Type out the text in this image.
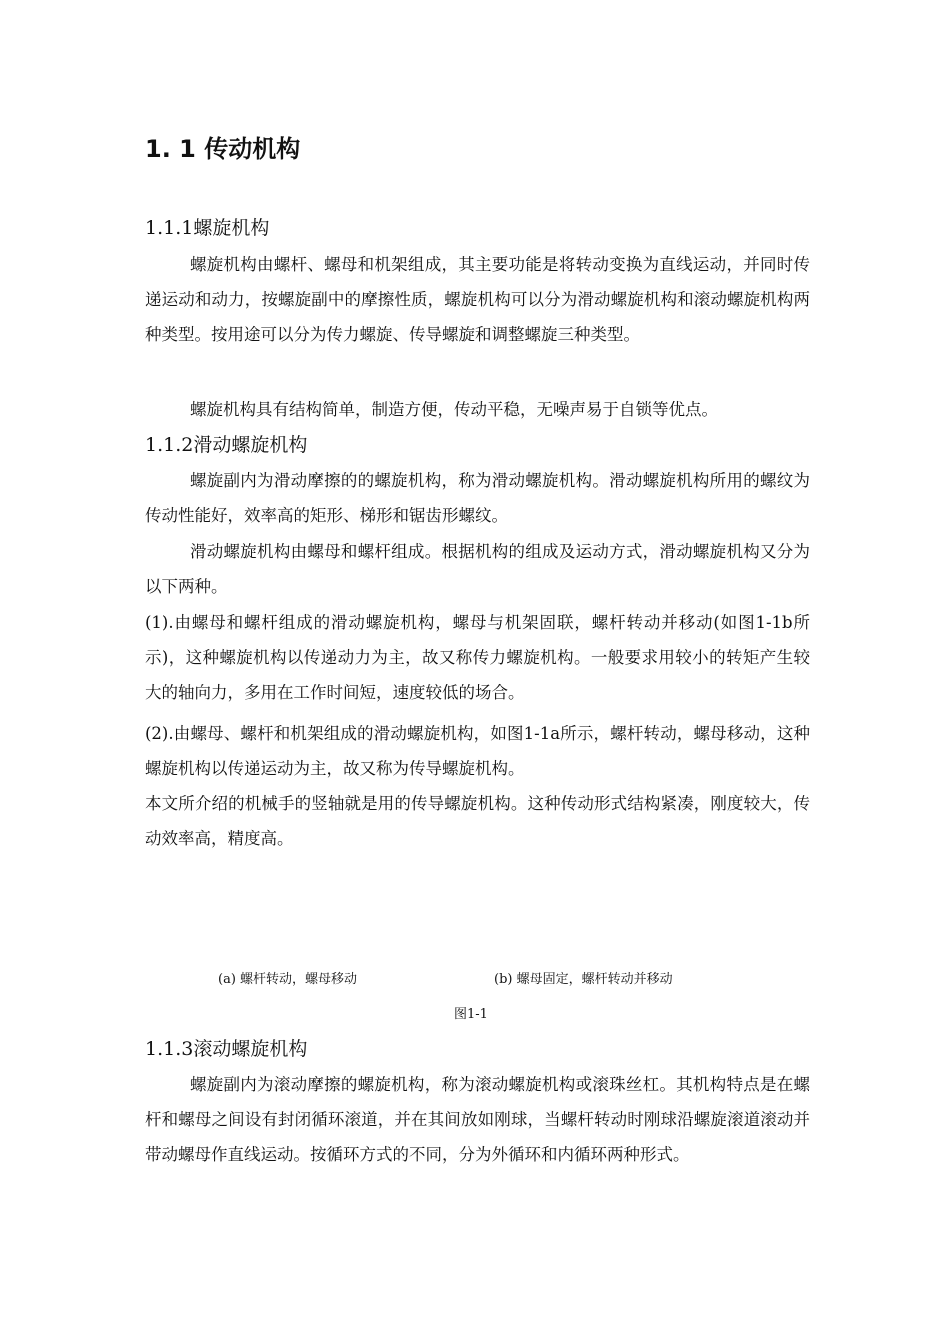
1. 1 传动机构
1.1.1螺旋机构

螺旋机构由螺杆、螺母和机架组成，其主要功能是将转动变换为直线运动，并同时传递运动和动力，按螺旋副中的摩擦性质，螺旋机构可以分为滑动螺旋机构和滚动螺旋机构两种类型。按用途可以分为传力螺旋、传导螺旋和调整螺旋三种类型。

螺旋机构具有结构简单，制造方便，传动平稳，无噪声易于自锁等优点。

1.1.2滑动螺旋机构

螺旋副内为滑动摩擦的的螺旋机构，称为滑动螺旋机构。滑动螺旋机构所用的螺纹为传动性能好，效率高的矩形、梯形和锯齿形螺纹。

滑动螺旋机构由螺母和螺杆组成。根据机构的组成及运动方式，滑动螺旋机构又分为以下两种。

(1).由螺母和螺杆组成的滑动螺旋机构，螺母与机架固联，螺杆转动并移动(如图1-1b所示)，这种螺旋机构以传递动力为主，故又称传力螺旋机构。一般要求用较小的转矩产生较大的轴向力，多用在工作时间短，速度较低的场合。

(2).由螺母、螺杆和机架组成的滑动螺旋机构，如图1-1a所示，螺杆转动，螺母移动，这种螺旋机构以传递运动为主，故又称为传导螺旋机构。

本文所介绍的机械手的竖轴就是用的传导螺旋机构。这种传动形式结构紧凑，刚度较大，传动效率高，精度高。

(a) 螺杆转动，螺母移动	(b) 螺母固定，螺杆转动并移动
图1-1
1.1.3滚动螺旋机构

螺旋副内为滚动摩擦的螺旋机构，称为滚动螺旋机构或滚珠丝杠。其机构特点是在螺杆和螺母之间设有封闭循环滚道，并在其间放如刚球，当螺杆转动时刚球沿螺旋滚道滚动并带动螺母作直线运动。按循环方式的不同，分为外循环和内循环两种形式。
